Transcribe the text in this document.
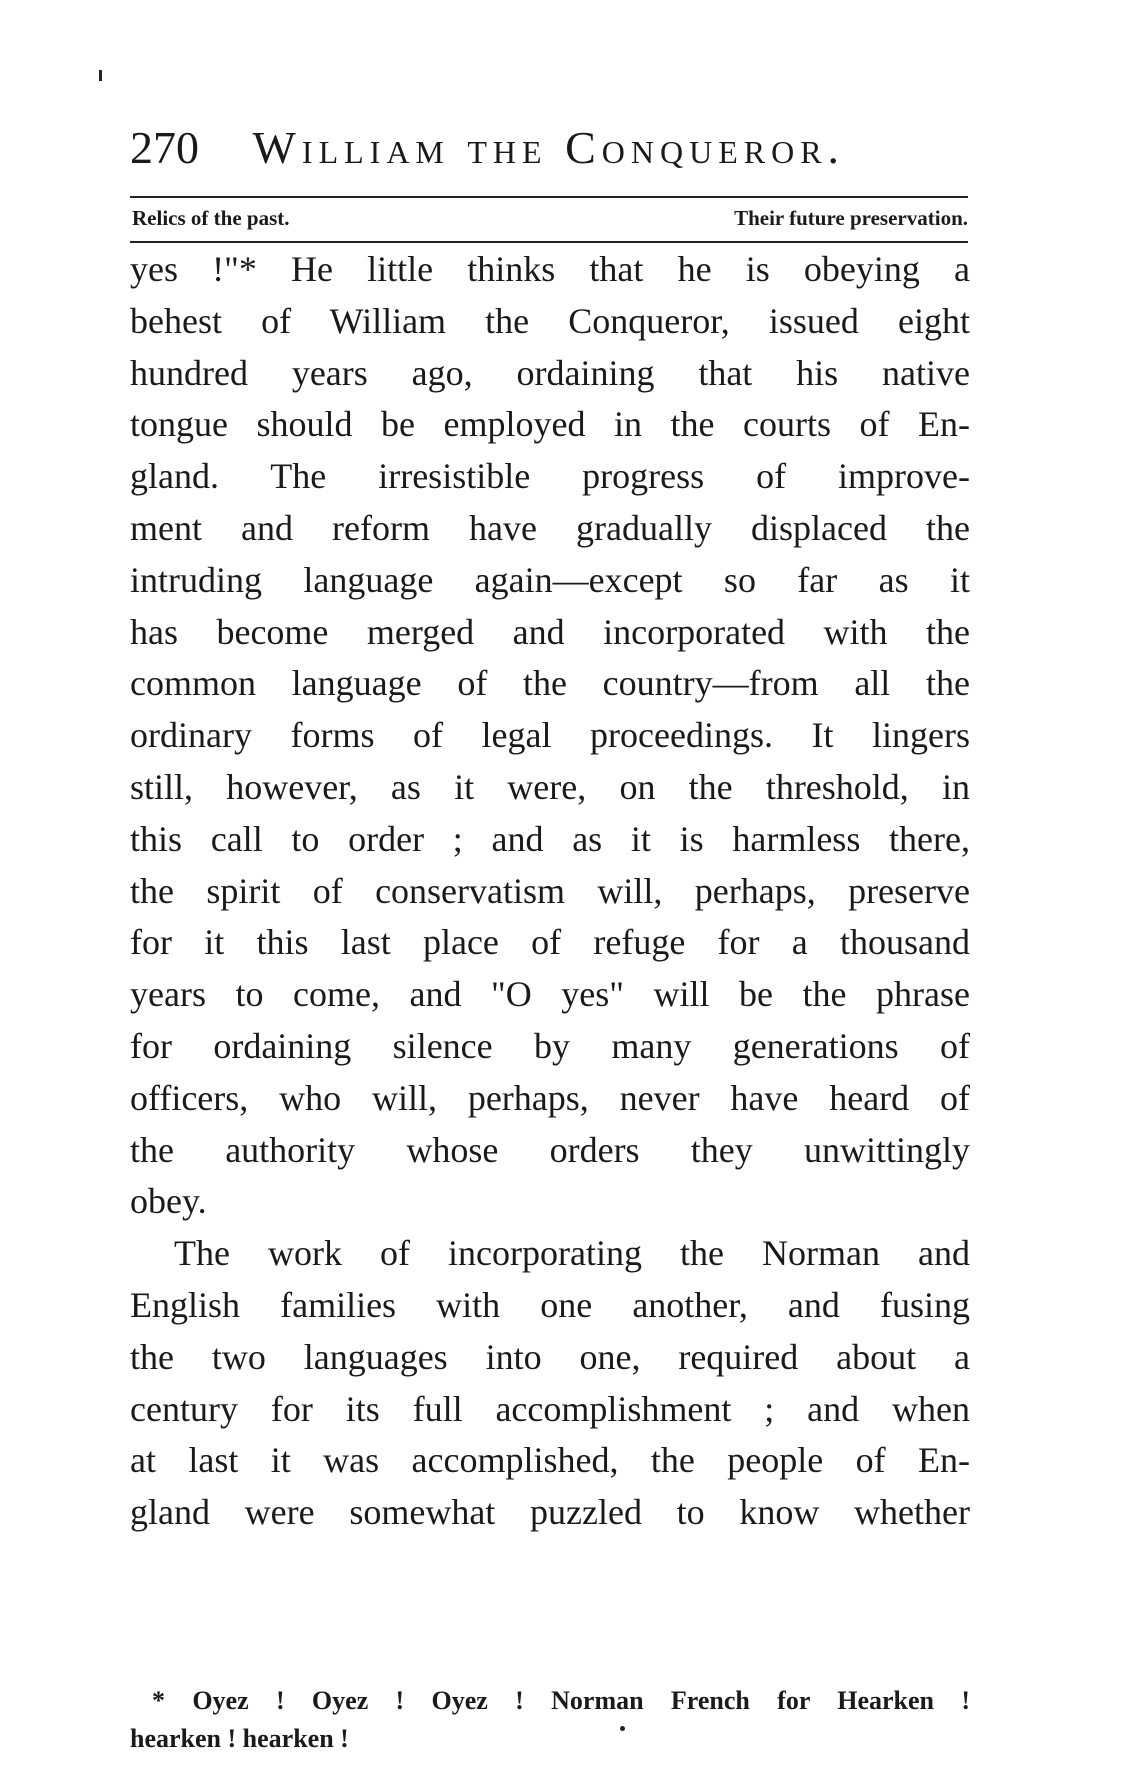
270 William the Conqueror.
Relics of the past.	Their future preservation.
yes !"* He little thinks that he is obeying a
behest of William the Conqueror, issued eight
hundred years ago, ordaining that his native
tongue should be employed in the courts of En-
gland. The irresistible progress of improve-
ment and reform have gradually displaced the
intruding language again—except so far as it
has become merged and incorporated with the
common language of the country—from all the
ordinary forms of legal proceedings. It lingers
still, however, as it were, on the threshold, in
this call to order ; and as it is harmless there,
the spirit of conservatism will, perhaps, preserve
for it this last place of refuge for a thousand
years to come, and "O yes" will be the phrase
for ordaining silence by many generations of
officers, who will, perhaps, never have heard of
the authority whose orders they unwittingly
obey.
The work of incorporating the Norman and
English families with one another, and fusing
the two languages into one, required about a
century for its full accomplishment ; and when
at last it was accomplished, the people of En-
gland were somewhat puzzled to know whether
* Oyez ! Oyez ! Oyez ! Norman French for Hearken !
hearken ! hearken !
